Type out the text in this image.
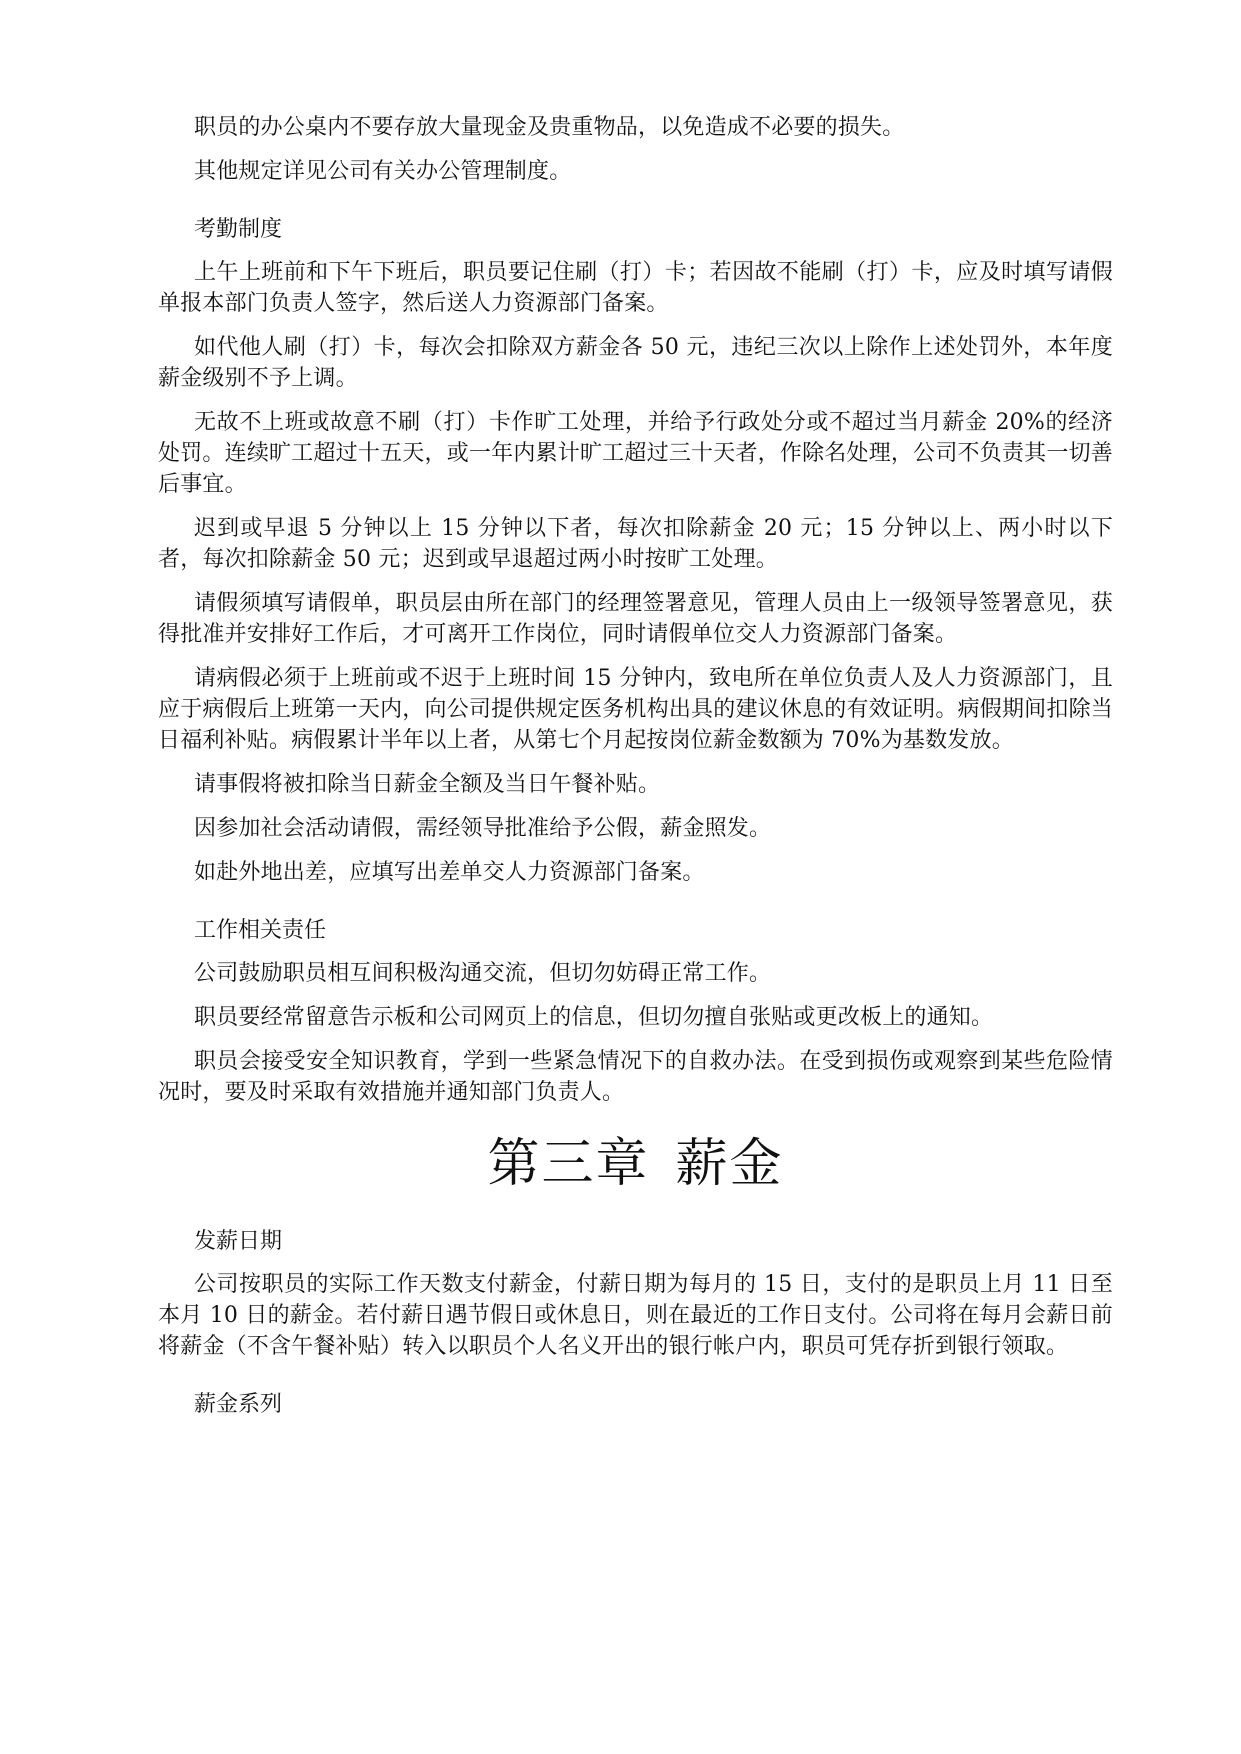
职员的办公桌内不要存放大量现金及贵重物品，以免造成不必要的损失。

其他规定详见公司有关办公管理制度。

考勤制度

上午上班前和下午下班后，职员要记住刷（打）卡；若因故不能刷（打）卡，应及时填写请假单报本部门负责人签字，然后送人力资源部门备案。

如代他人刷（打）卡，每次会扣除双方薪金各 50 元，违纪三次以上除作上述处罚外，本年度薪金级别不予上调。

无故不上班或故意不刷（打）卡作旷工处理，并给予行政处分或不超过当月薪金 20%的经济处罚。连续旷工超过十五天，或一年内累计旷工超过三十天者，作除名处理，公司不负责其一切善后事宜。

迟到或早退 5 分钟以上 15 分钟以下者，每次扣除薪金 20 元；15 分钟以上、两小时以下者，每次扣除薪金 50 元；迟到或早退超过两小时按旷工处理。

请假须填写请假单，职员层由所在部门的经理签署意见，管理人员由上一级领导签署意见，获得批准并安排好工作后，才可离开工作岗位，同时请假单位交人力资源部门备案。

请病假必须于上班前或不迟于上班时间 15 分钟内，致电所在单位负责人及人力资源部门，且应于病假后上班第一天内，向公司提供规定医务机构出具的建议休息的有效证明。病假期间扣除当日福利补贴。病假累计半年以上者，从第七个月起按岗位薪金数额为 70%为基数发放。

请事假将被扣除当日薪金全额及当日午餐补贴。

因参加社会活动请假，需经领导批准给予公假，薪金照发。

如赴外地出差，应填写出差单交人力资源部门备案。

工作相关责任

公司鼓励职员相互间积极沟通交流，但切勿妨碍正常工作。

职员要经常留意告示板和公司网页上的信息，但切勿擅自张贴或更改板上的通知。

职员会接受安全知识教育，学到一些紧急情况下的自救办法。在受到损伤或观察到某些危险情况时，要及时采取有效措施并通知部门负责人。

第三章 薪金
发薪日期

公司按职员的实际工作天数支付薪金，付薪日期为每月的 15 日，支付的是职员上月 11 日至本月 10 日的薪金。若付薪日遇节假日或休息日，则在最近的工作日支付。公司将在每月会薪日前将薪金（不含午餐补贴）转入以职员个人名义开出的银行帐户内，职员可凭存折到银行领取。

薪金系列
